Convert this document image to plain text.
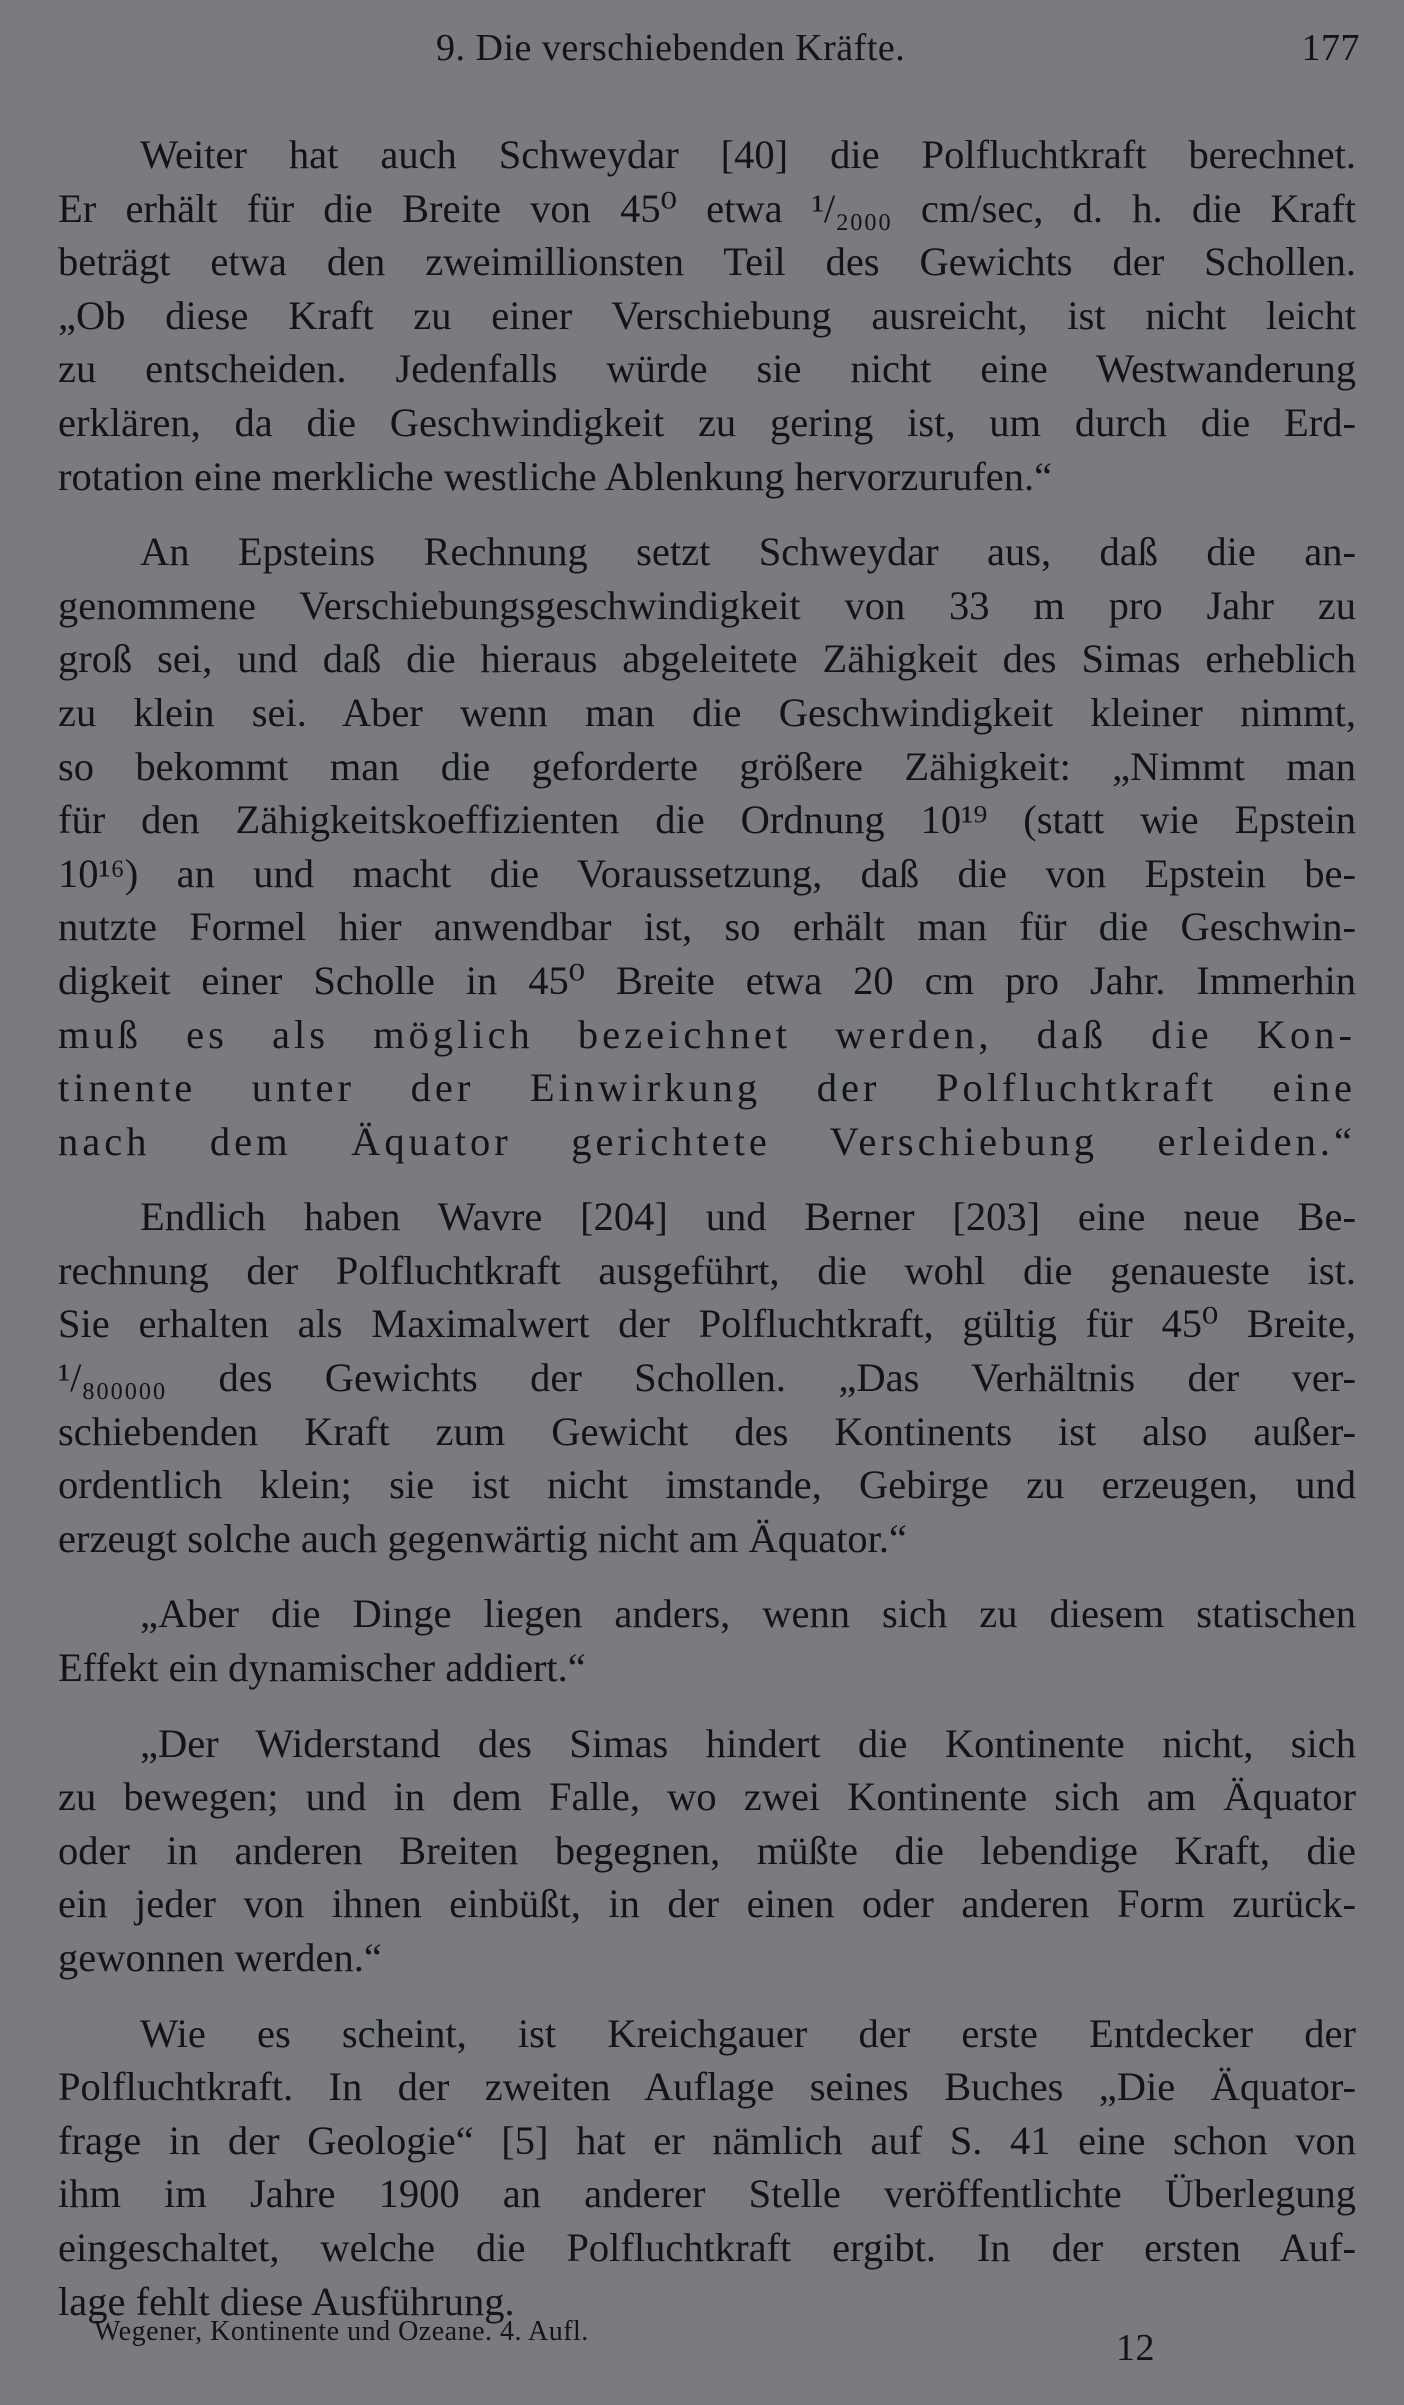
9. Die verschiebenden Kräfte.	177

Weiter hat auch Schweydar [40] die Polfluchtkraft berechnet.
Er erhält für die Breite von 45⁰ etwa ¹/₂₀₀₀ cm/sec, d. h. die Kraft
beträgt etwa den zweimillionsten Teil des Gewichts der Schollen.
„Ob diese Kraft zu einer Verschiebung ausreicht, ist nicht leicht
zu entscheiden. Jedenfalls würde sie nicht eine Westwanderung
erklären, da die Geschwindigkeit zu gering ist, um durch die Erd-
rotation eine merkliche westliche Ablenkung hervorzurufen.“

An Epsteins Rechnung setzt Schweydar aus, daß die an-
genommene Verschiebungsgeschwindigkeit von 33 m pro Jahr zu
groß sei, und daß die hieraus abgeleitete Zähigkeit des Simas erheblich
zu klein sei. Aber wenn man die Geschwindigkeit kleiner nimmt,
so bekommt man die geforderte größere Zähigkeit: „Nimmt man
für den Zähigkeitskoeffizienten die Ordnung 10¹⁹ (statt wie Epstein
10¹⁶) an und macht die Voraussetzung, daß die von Epstein be-
nutzte Formel hier anwendbar ist, so erhält man für die Geschwin-
digkeit einer Scholle in 45⁰ Breite etwa 20 cm pro Jahr. Immerhin
muß es als möglich bezeichnet werden, daß die Kon-
tinente unter der Einwirkung der Polfluchtkraft eine
nach dem Äquator gerichtete Verschiebung erleiden.“

Endlich haben Wavre [204] und Berner [203] eine neue Be-
rechnung der Polfluchtkraft ausgeführt, die wohl die genaueste ist.
Sie erhalten als Maximalwert der Polfluchtkraft, gültig für 45⁰ Breite,
¹/₈₀₀₀₀₀ des Gewichts der Schollen. „Das Verhältnis der ver-
schiebenden Kraft zum Gewicht des Kontinents ist also außer-
ordentlich klein; sie ist nicht imstande, Gebirge zu erzeugen, und
erzeugt solche auch gegenwärtig nicht am Äquator.“

„Aber die Dinge liegen anders, wenn sich zu diesem statischen
Effekt ein dynamischer addiert.“

„Der Widerstand des Simas hindert die Kontinente nicht, sich
zu bewegen; und in dem Falle, wo zwei Kontinente sich am Äquator
oder in anderen Breiten begegnen, müßte die lebendige Kraft, die
ein jeder von ihnen einbüßt, in der einen oder anderen Form zurück-
gewonnen werden.“

Wie es scheint, ist Kreichgauer der erste Entdecker der
Polfluchtkraft. In der zweiten Auflage seines Buches „Die Äquator-
frage in der Geologie“ [5] hat er nämlich auf S. 41 eine schon von
ihm im Jahre 1900 an anderer Stelle veröffentlichte Überlegung
eingeschaltet, welche die Polfluchtkraft ergibt. In der ersten Auf-
lage fehlt diese Ausführung.

Wegener, Kontinente und Ozeane. 4. Aufl.	12
